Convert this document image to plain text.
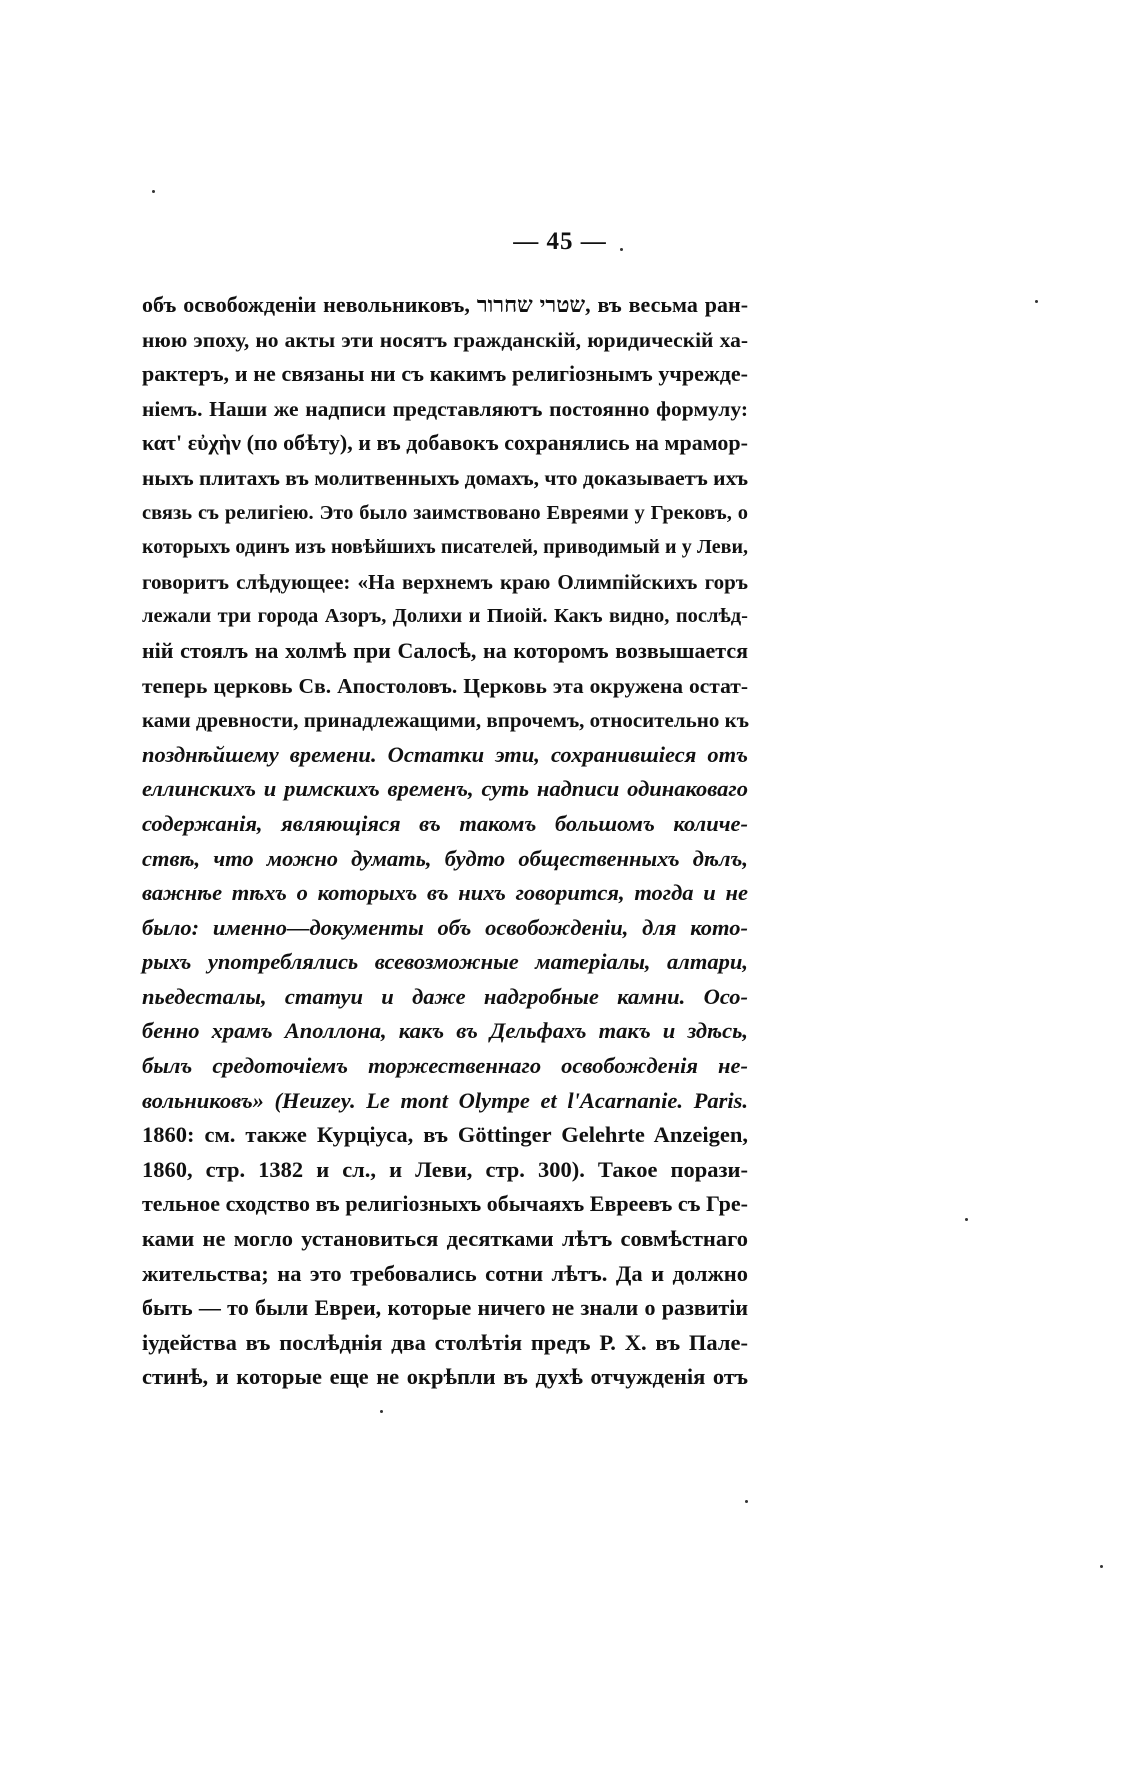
— 45 —
объ освобожденіи невольниковъ, שטרי שחרור, въ весьма ран-
нюю эпоху, но акты эти носятъ гражданскій, юридическій ха-
рактеръ, и не связаны ни съ какимъ религіознымъ учрежде-
ніемъ. Наши же надписи представляютъ постоянно формулу:
κατ' εὐχὴν (по обѣту), и въ добавокъ сохранялись на мрамор-
ныхъ плитахъ въ молитвенныхъ домахъ, что доказываетъ ихъ
связь съ религіею. Это было заимствовано Евреями у Грековъ, о
которыхъ одинъ изъ новѣйшихъ писателей, приводимый и у Леви,
говоритъ слѣдующее: «На верхнемъ краю Олимпійскихъ горъ
лежали три города Азоръ, Долихи и Пиоій. Какъ видно, послѣд-
ній стоялъ на холмѣ при Салосѣ, на которомъ возвышается
теперь церковь Св. Апостоловъ. Церковь эта окружена остат-
ками древности, принадлежащими, впрочемъ, относительно къ
позднѣйшему времени. Остатки эти, сохранившіеся отъ
еллинскихъ и римскихъ временъ, суть надписи одинаковаго
содержанія, являющіяся въ такомъ большомъ количе-
ствѣ, что можно думать, будто общественныхъ дѣлъ,
важнѣе тѣхъ о которыхъ въ нихъ говорится, тогда и не
было: именно—документы объ освобожденіи, для кото-
рыхъ употреблялись всевозможные матеріалы, алтари,
пьедесталы, статуи и даже надгробные камни. Осо-
бенно храмъ Аполлона, какъ въ Дельфахъ такъ и здѣсь,
былъ средоточіемъ торжественнаго освобожденія не-
вольниковъ» (Heuzey. Le mont Olympe et l'Acarnanie. Paris.
1860: см. также Курціуса, въ Göttinger Gelehrte Anzeigen,
1860, стр. 1382 и сл., и Леви, стр. 300). Такое порази-
тельное сходство въ религіозныхъ обычаяхъ Евреевъ съ Гре-
ками не могло установиться десятками лѣтъ совмѣстнаго
жительства; на это требовались сотни лѣтъ. Да и должно
быть — то были Евреи, которые ничего не знали о развитіи
іудейства въ послѣднія два столѣтія предъ Р. Х. въ Пале-
стинѣ, и которые еще не окрѣпли въ духѣ отчужденія отъ
